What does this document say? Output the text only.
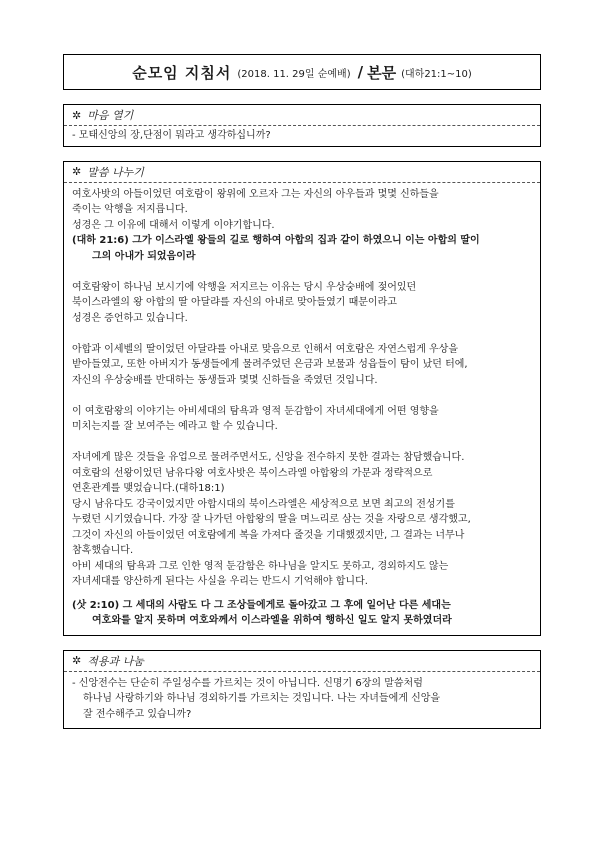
순모임 지침서 (2018. 11. 29일 순예배) / 본문 (대하21:1~10)
✲ 마음 열기
- 모태신앙의 장,단점이 뭐라고 생각하십니까?
✲ 말씀 나누기
여호사밧의 아들이었던 여호람이 왕위에 오르자 그는 자신의 아우들과 몇몇 신하들을
죽이는 악행을 저지릅니다.
성경은 그 이유에 대해서 이렇게 이야기합니다.
(대하 21:6) 그가 이스라엘 왕들의 길로 행하여 아합의 집과 같이 하였으니 이는 아합의 딸이
그의 아내가 되었음이라
여호람왕이 하나님 보시기에 악행을 저지르는 이유는 당시 우상숭배에 젖어있던
북이스라엘의 왕 아합의 딸 아달랴를 자신의 아내로 맞아들였기 때문이라고
성경은 증언하고 있습니다.
아합과 이세벨의 딸이었던 아달랴를 아내로 맞음으로 인해서 여호람은 자연스럽게 우상을
받아들였고, 또한 아버지가 동생들에게 물려주었던 은금과 보물과 성읍들이 탐이 났던 터에,
자신의 우상숭배를 반대하는 동생들과 몇몇 신하들을 죽였던 것입니다.
이 여호람왕의 이야기는 아비세대의 탐욕과 영적 둔감함이 자녀세대에게 어떤 영향을
미치는지를 잘 보여주는 예라고 할 수 있습니다.
자녀에게 많은 것들을 유업으로 물려주면서도, 신앙을 전수하지 못한 결과는 참담했습니다.
여호람의 선왕이었던 남유다왕 여호사밧은 북이스라엘 아합왕의 가문과 정략적으로
연혼관계를 맺었습니다.(대하18:1)
당시 남유다도 강국이었지만 아합시대의 북이스라엘은 세상적으로 보면 최고의 전성기를
누렸던 시기였습니다. 가장 잘 나가던 아합왕의 딸을 며느리로 삼는 것을 자랑으로 생각했고,
그것이 자신의 아들이었던 여호람에게 복을 가져다 줄것을 기대했겠지만, 그 결과는 너무나
참혹했습니다.
아비 세대의 탐욕과 그로 인한 영적 둔감함은 하나님을 알지도 못하고, 경외하지도 않는
자녀세대를 양산하게 된다는 사실을 우리는 반드시 기억해야 합니다.
(삿 2:10) 그 세대의 사람도 다 그 조상들에게로 돌아갔고 그 후에 일어난 다른 세대는
여호와를 알지 못하며 여호와께서 이스라엘을 위하여 행하신 일도 알지 못하였더라
✲ 적용과 나눔
- 신앙전수는 단순히 주일성수를 가르치는 것이 아닙니다. 신명기 6장의 말씀처럼
하나님 사랑하기와 하나님 경외하기를 가르치는 것입니다. 나는 자녀들에게 신앙을
잘 전수해주고 있습니까?
